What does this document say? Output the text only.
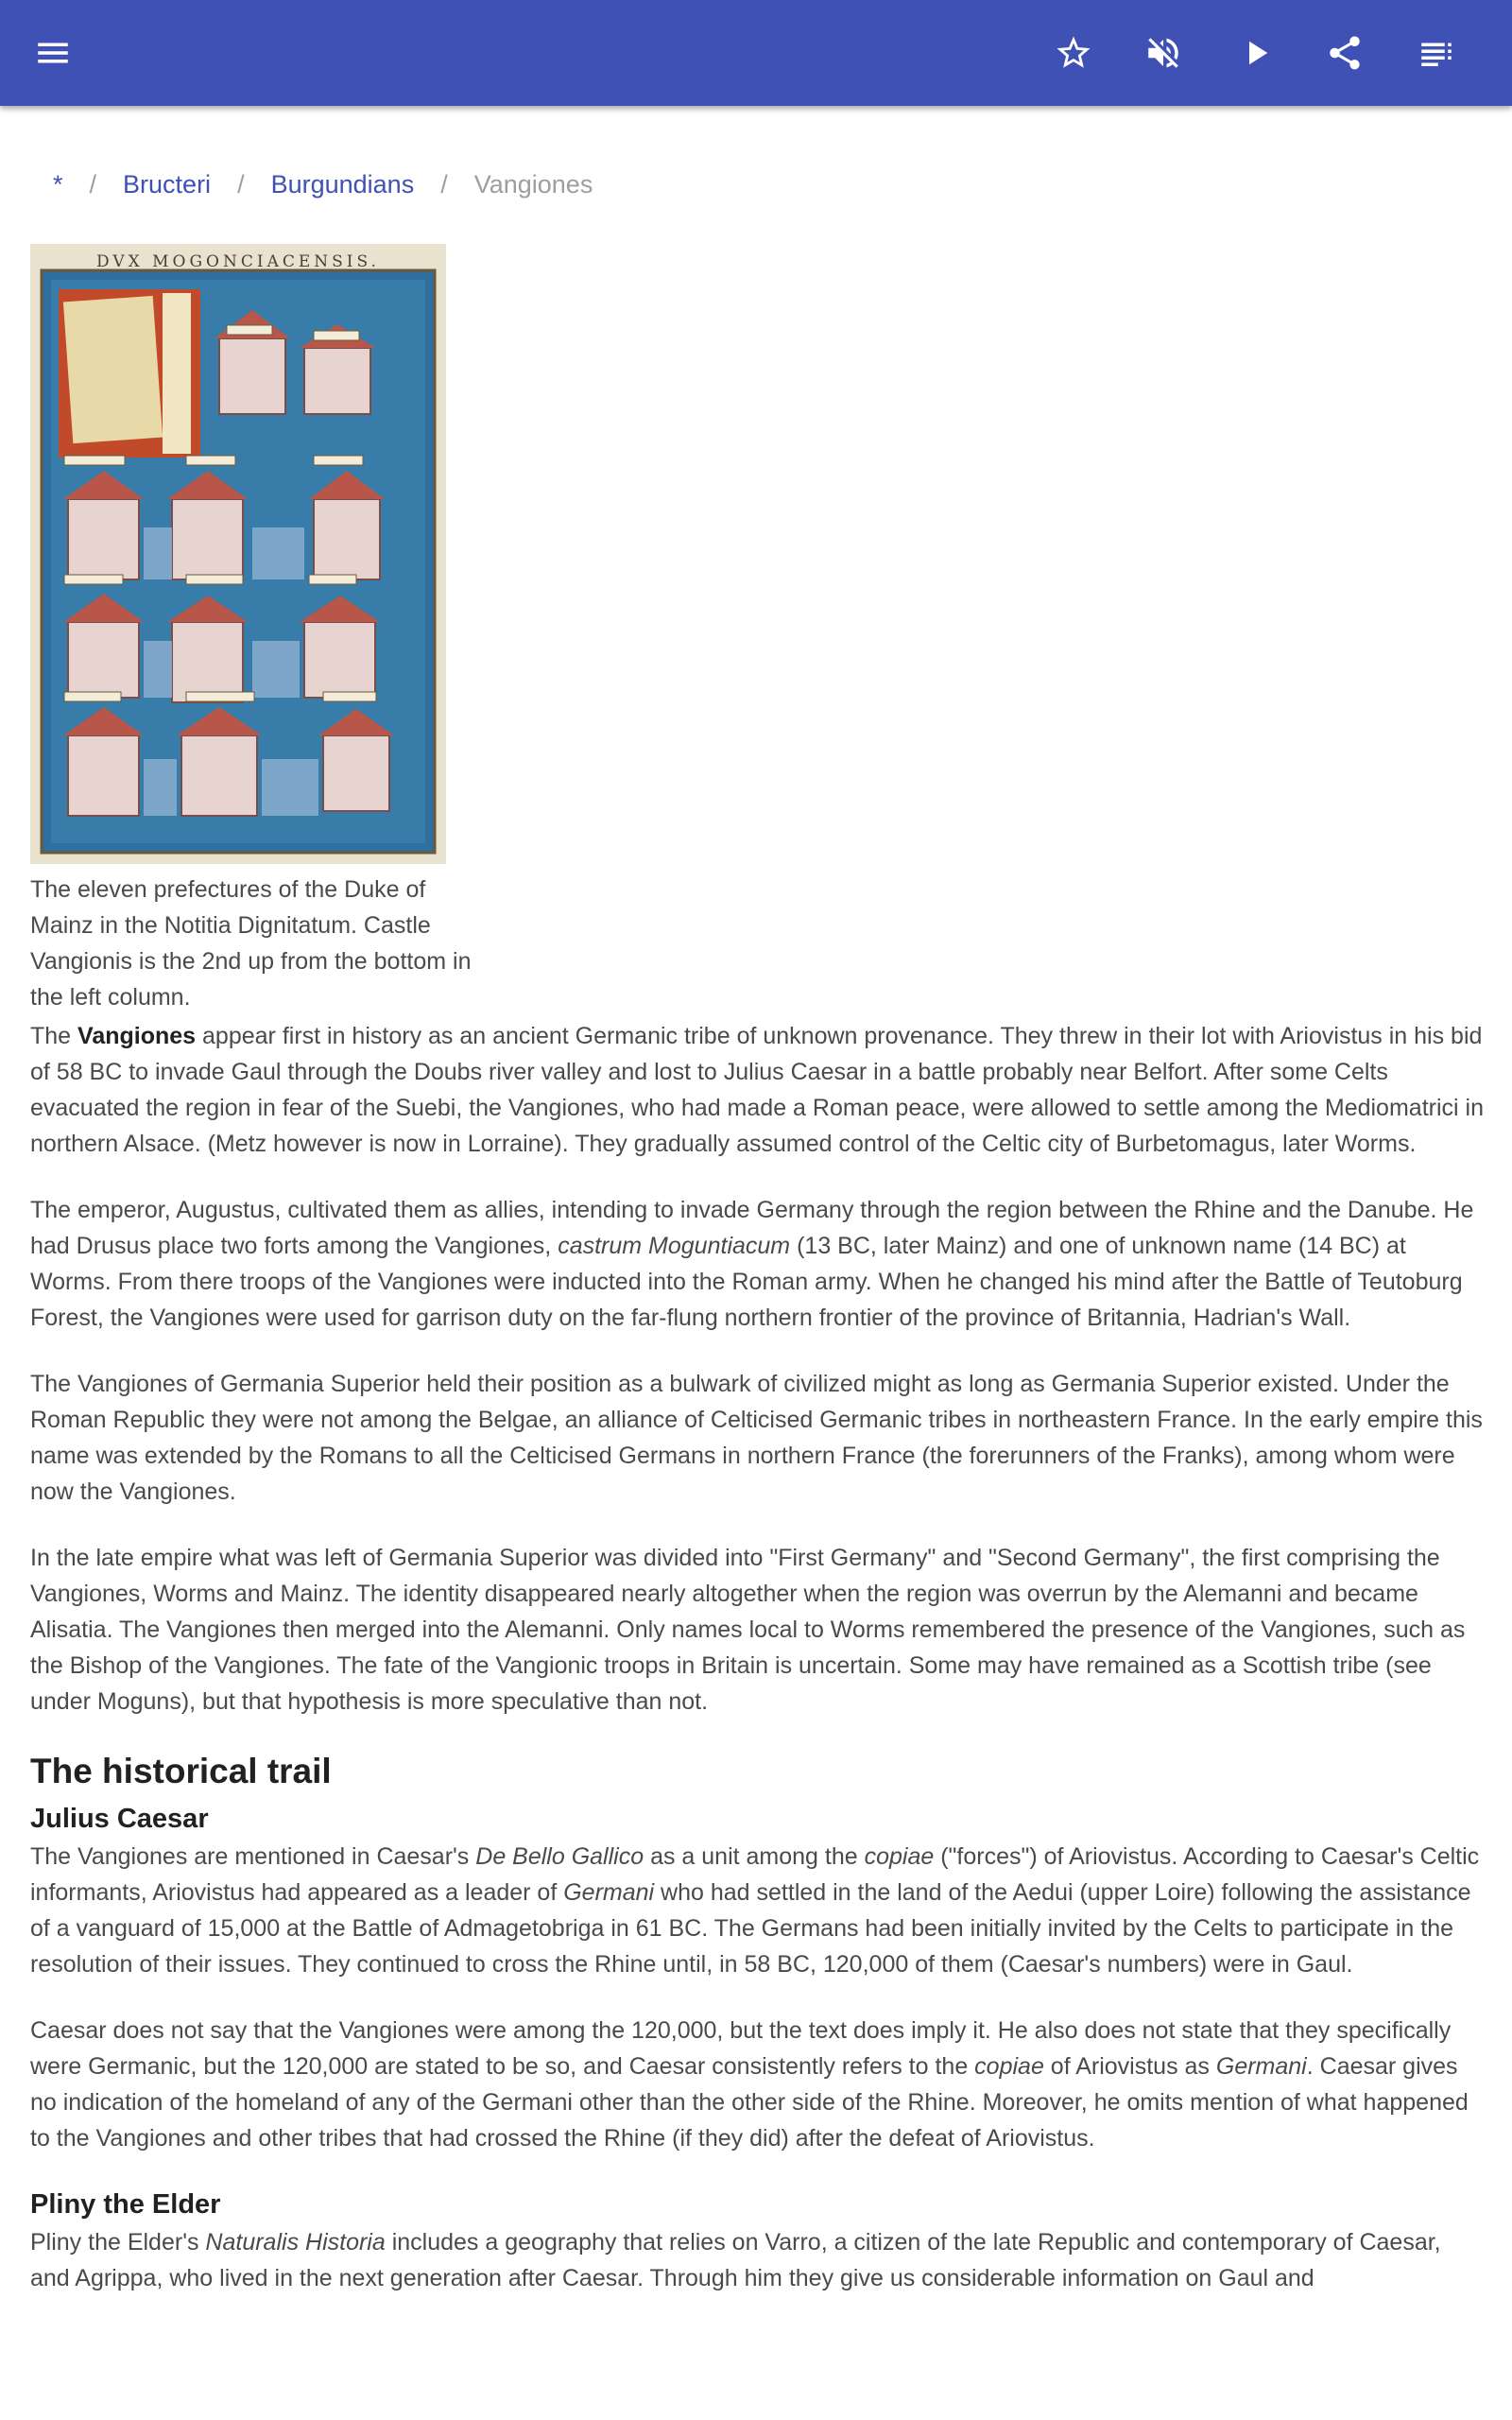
* / Bructeri / Burgundians / Vangiones
DVX MOGONCIACENSIS.
The eleven prefectures of the Duke of Mainz in the Notitia Dignitatum. Castle Vangionis is the 2nd up from the bottom in the left column.

The Vangiones appear first in history as an ancient Germanic tribe of unknown provenance. They threw in their lot with Ariovistus in his bid of 58 BC to invade Gaul through the Doubs river valley and lost to Julius Caesar in a battle probably near Belfort. After some Celts evacuated the region in fear of the Suebi, the Vangiones, who had made a Roman peace, were allowed to settle among the Mediomatrici in northern Alsace. (Metz however is now in Lorraine). They gradually assumed control of the Celtic city of Burbetomagus, later Worms.

The emperor, Augustus, cultivated them as allies, intending to invade Germany through the region between the Rhine and the Danube. He had Drusus place two forts among the Vangiones, castrum Moguntiacum (13 BC, later Mainz) and one of unknown name (14 BC) at Worms. From there troops of the Vangiones were inducted into the Roman army. When he changed his mind after the Battle of Teutoburg Forest, the Vangiones were used for garrison duty on the far-flung northern frontier of the province of Britannia, Hadrian's Wall.

The Vangiones of Germania Superior held their position as a bulwark of civilized might as long as Germania Superior existed. Under the Roman Republic they were not among the Belgae, an alliance of Celticised Germanic tribes in northeastern France. In the early empire this name was extended by the Romans to all the Celticised Germans in northern France (the forerunners of the Franks), among whom were now the Vangiones.

In the late empire what was left of Germania Superior was divided into "First Germany" and "Second Germany", the first comprising the Vangiones, Worms and Mainz. The identity disappeared nearly altogether when the region was overrun by the Alemanni and became Alisatia. The Vangiones then merged into the Alemanni. Only names local to Worms remembered the presence of the Vangiones, such as the Bishop of the Vangiones. The fate of the Vangionic troops in Britain is uncertain. Some may have remained as a Scottish tribe (see under Moguns), but that hypothesis is more speculative than not.

The historical trail
Julius Caesar

The Vangiones are mentioned in Caesar's De Bello Gallico as a unit among the copiae ("forces") of Ariovistus. According to Caesar's Celtic informants, Ariovistus had appeared as a leader of Germani who had settled in the land of the Aedui (upper Loire) following the assistance of a vanguard of 15,000 at the Battle of Admagetobriga in 61 BC. The Germans had been initially invited by the Celts to participate in the resolution of their issues. They continued to cross the Rhine until, in 58 BC, 120,000 of them (Caesar's numbers) were in Gaul.

Caesar does not say that the Vangiones were among the 120,000, but the text does imply it. He also does not state that they specifically were Germanic, but the 120,000 are stated to be so, and Caesar consistently refers to the copiae of Ariovistus as Germani. Caesar gives no indication of the homeland of any of the Germani other than the other side of the Rhine. Moreover, he omits mention of what happened to the Vangiones and other tribes that had crossed the Rhine (if they did) after the defeat of Ariovistus.

Pliny the Elder

Pliny the Elder's Naturalis Historia includes a geography that relies on Varro, a citizen of the late Republic and contemporary of Caesar, and Agrippa, who lived in the next generation after Caesar. Through him they give us considerable information on Gaul and
